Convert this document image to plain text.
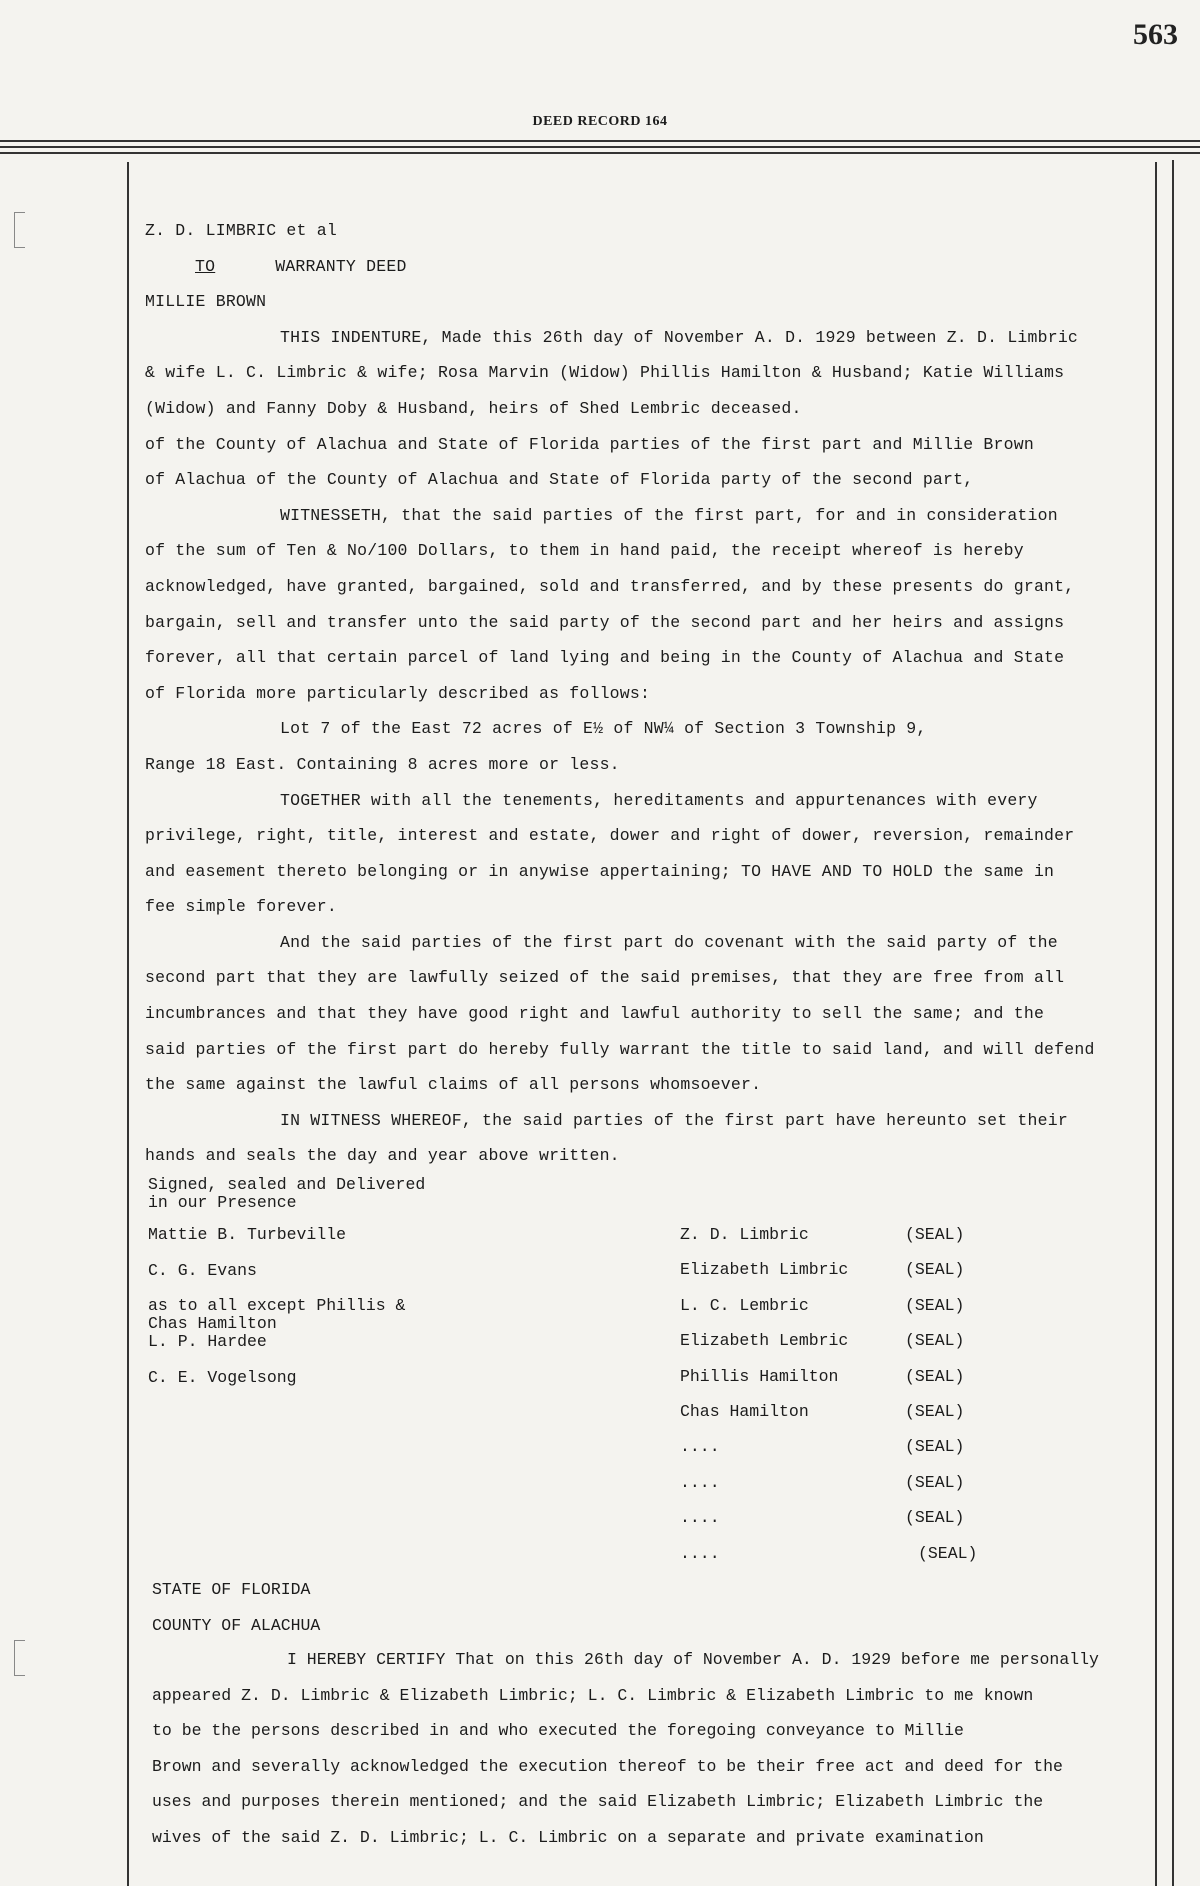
563
DEED RECORD 164
Z. D. LIMBRIC et al
TO	WARRANTY DEED
MILLIE BROWN
THIS INDENTURE, Made this 26th day of November A. D. 1929 between Z. D. Limbric
& wife L. C. Limbric & wife; Rosa Marvin (Widow) Phillis Hamilton & Husband; Katie Williams
(Widow) and Fanny Doby & Husband, heirs of Shed Lembric deceased.
of the County of Alachua and State of Florida parties of the first part and Millie Brown
of Alachua of the County of Alachua and State of Florida party of the second part,
WITNESSETH, that the said parties of the first part, for and in consideration
of the sum of Ten & No/100 Dollars, to them in hand paid, the receipt whereof is hereby
acknowledged, have granted, bargained, sold and transferred, and by these presents do grant,
bargain, sell and transfer unto the said party of the second part and her heirs and assigns
forever, all that certain parcel of land lying and being in the County of Alachua and State
of Florida more particularly described as follows:
Lot 7 of the East 72 acres of E½ of NW¼ of Section 3 Township 9,
Range 18 East. Containing 8 acres more or less.
TOGETHER with all the tenements, hereditaments and appurtenances with every
privilege, right, title, interest and estate, dower and right of dower, reversion, remainder
and easement thereto belonging or in anywise appertaining; TO HAVE AND TO HOLD the same in
fee simple forever.
And the said parties of the first part do covenant with the said party of the
second part that they are lawfully seized of the said premises, that they are free from all
incumbrances and that they have good right and lawful authority to sell the same; and the
said parties of the first part do hereby fully warrant the title to said land, and will defend
the same against the lawful claims of all persons whomsoever.
IN WITNESS WHEREOF, the said parties of the first part have hereunto set their
hands and seals the day and year above written.
Signed, sealed and Delivered
in our Presence
Mattie B. Turbeville
C. G. Evans
as to all except Phillis &
Chas Hamilton
L. P. Hardee
C. E. Vogelsong
Z. D. Limbric	(SEAL)
Elizabeth Limbric	(SEAL)
L. C. Lembric	(SEAL)
Elizabeth Lembric	(SEAL)
Phillis Hamilton	(SEAL)
Chas Hamilton	(SEAL)
....	(SEAL)
....	(SEAL)
....	(SEAL)
....	(SEAL)
STATE OF FLORIDA
COUNTY OF ALACHUA
I HEREBY CERTIFY That on this 26th day of November A. D. 1929 before me personally
appeared Z. D. Limbric & Elizabeth Limbric; L. C. Limbric & Elizabeth Limbric to me known
to be the persons described in and who executed the foregoing conveyance to Millie
Brown and severally acknowledged the execution thereof to be their free act and deed for the
uses and purposes therein mentioned; and the said Elizabeth Limbric; Elizabeth Limbric the
wives of the said Z. D. Limbric; L. C. Limbric on a separate and private examination
